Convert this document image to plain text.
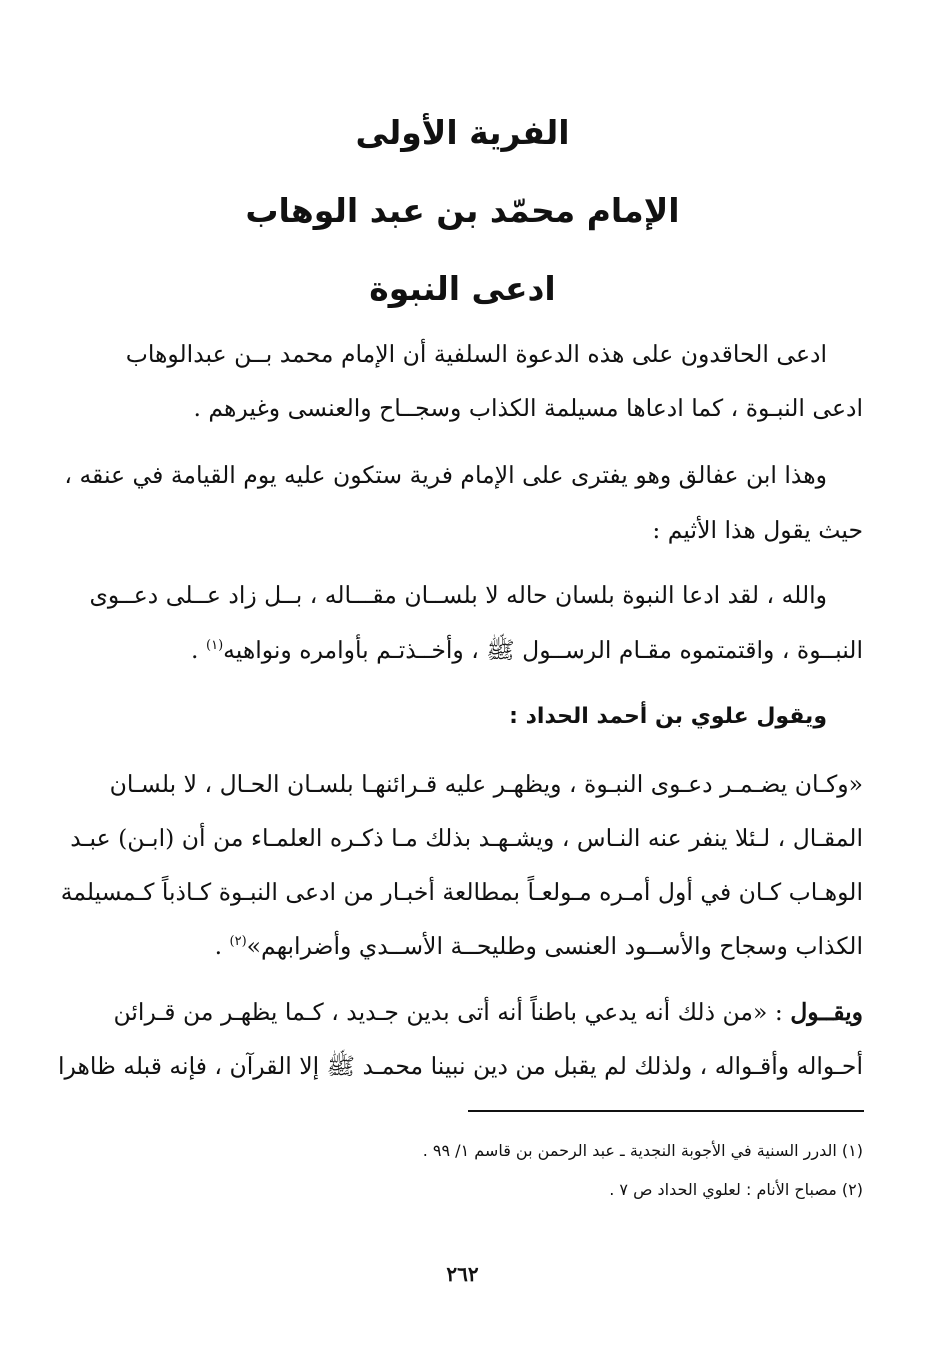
الفرية الأولى
الإمام محمّد بن عبد الوهاب
ادعى النبوة

ادعى الحاقدون على هذه الدعوة السلفية أن الإمام محمد بــن عبدالوهاب

ادعى النبـوة ، كما ادعاها مسيلمة الكذاب وسجــاح والعنسى وغيرهم .

وهذا ابن عفالق وهو يفترى على الإمام فرية ستكون عليه يوم القيامة في عنقه ،

حيث يقول هذا الأثيم :

والله ، لقد ادعا النبوة بلسان حاله لا بلســان مقـــاله ، بــل زاد عــلى دعــوى

النبــوة ، واقتمتموه مقـام الرســول ﷺ ، وأخــذتـم بأوامره ونواهيه$^{(١)}$ .

ويقول علوي بن أحمد الحداد :

«وكـان يضـمـر دعـوى النبـوة ، ويظهـر عليه قـرائنهـا بلسـان الحـال ، لا بلسـان

المقـال ، لـئلا ينفر عنه النـاس ، ويشـهـد بذلك مـا ذكـره العلمـاء من أن (ابـن) عبـد

الوهـاب كـان في أول أمـره مـولعـاً بمطالعة أخبـار من ادعى النبـوة كـاذباً كـمسيلمة

الكذاب وسجاح والأســود العنسى وطليحــة الأســدي وأضرابهم»$^{(٢)}$ .

ويقــول : «من ذلك أنه يدعي باطناً أنه أتى بدين جـديد ، كـما يظهـر من قـرائن

أحـواله وأقـواله ، ولذلك لم يقبل من دين نبينا محمـد ﷺ إلا القرآن ، فإنه قبله ظاهرا

(١) الدرر السنية في الأجوبة النجدية ـ عبد الرحمن بن قاسم ١/ ٩٩ .

(٢) مصباح الأنام : لعلوي الحداد ص ٧ .

٢٦٢
